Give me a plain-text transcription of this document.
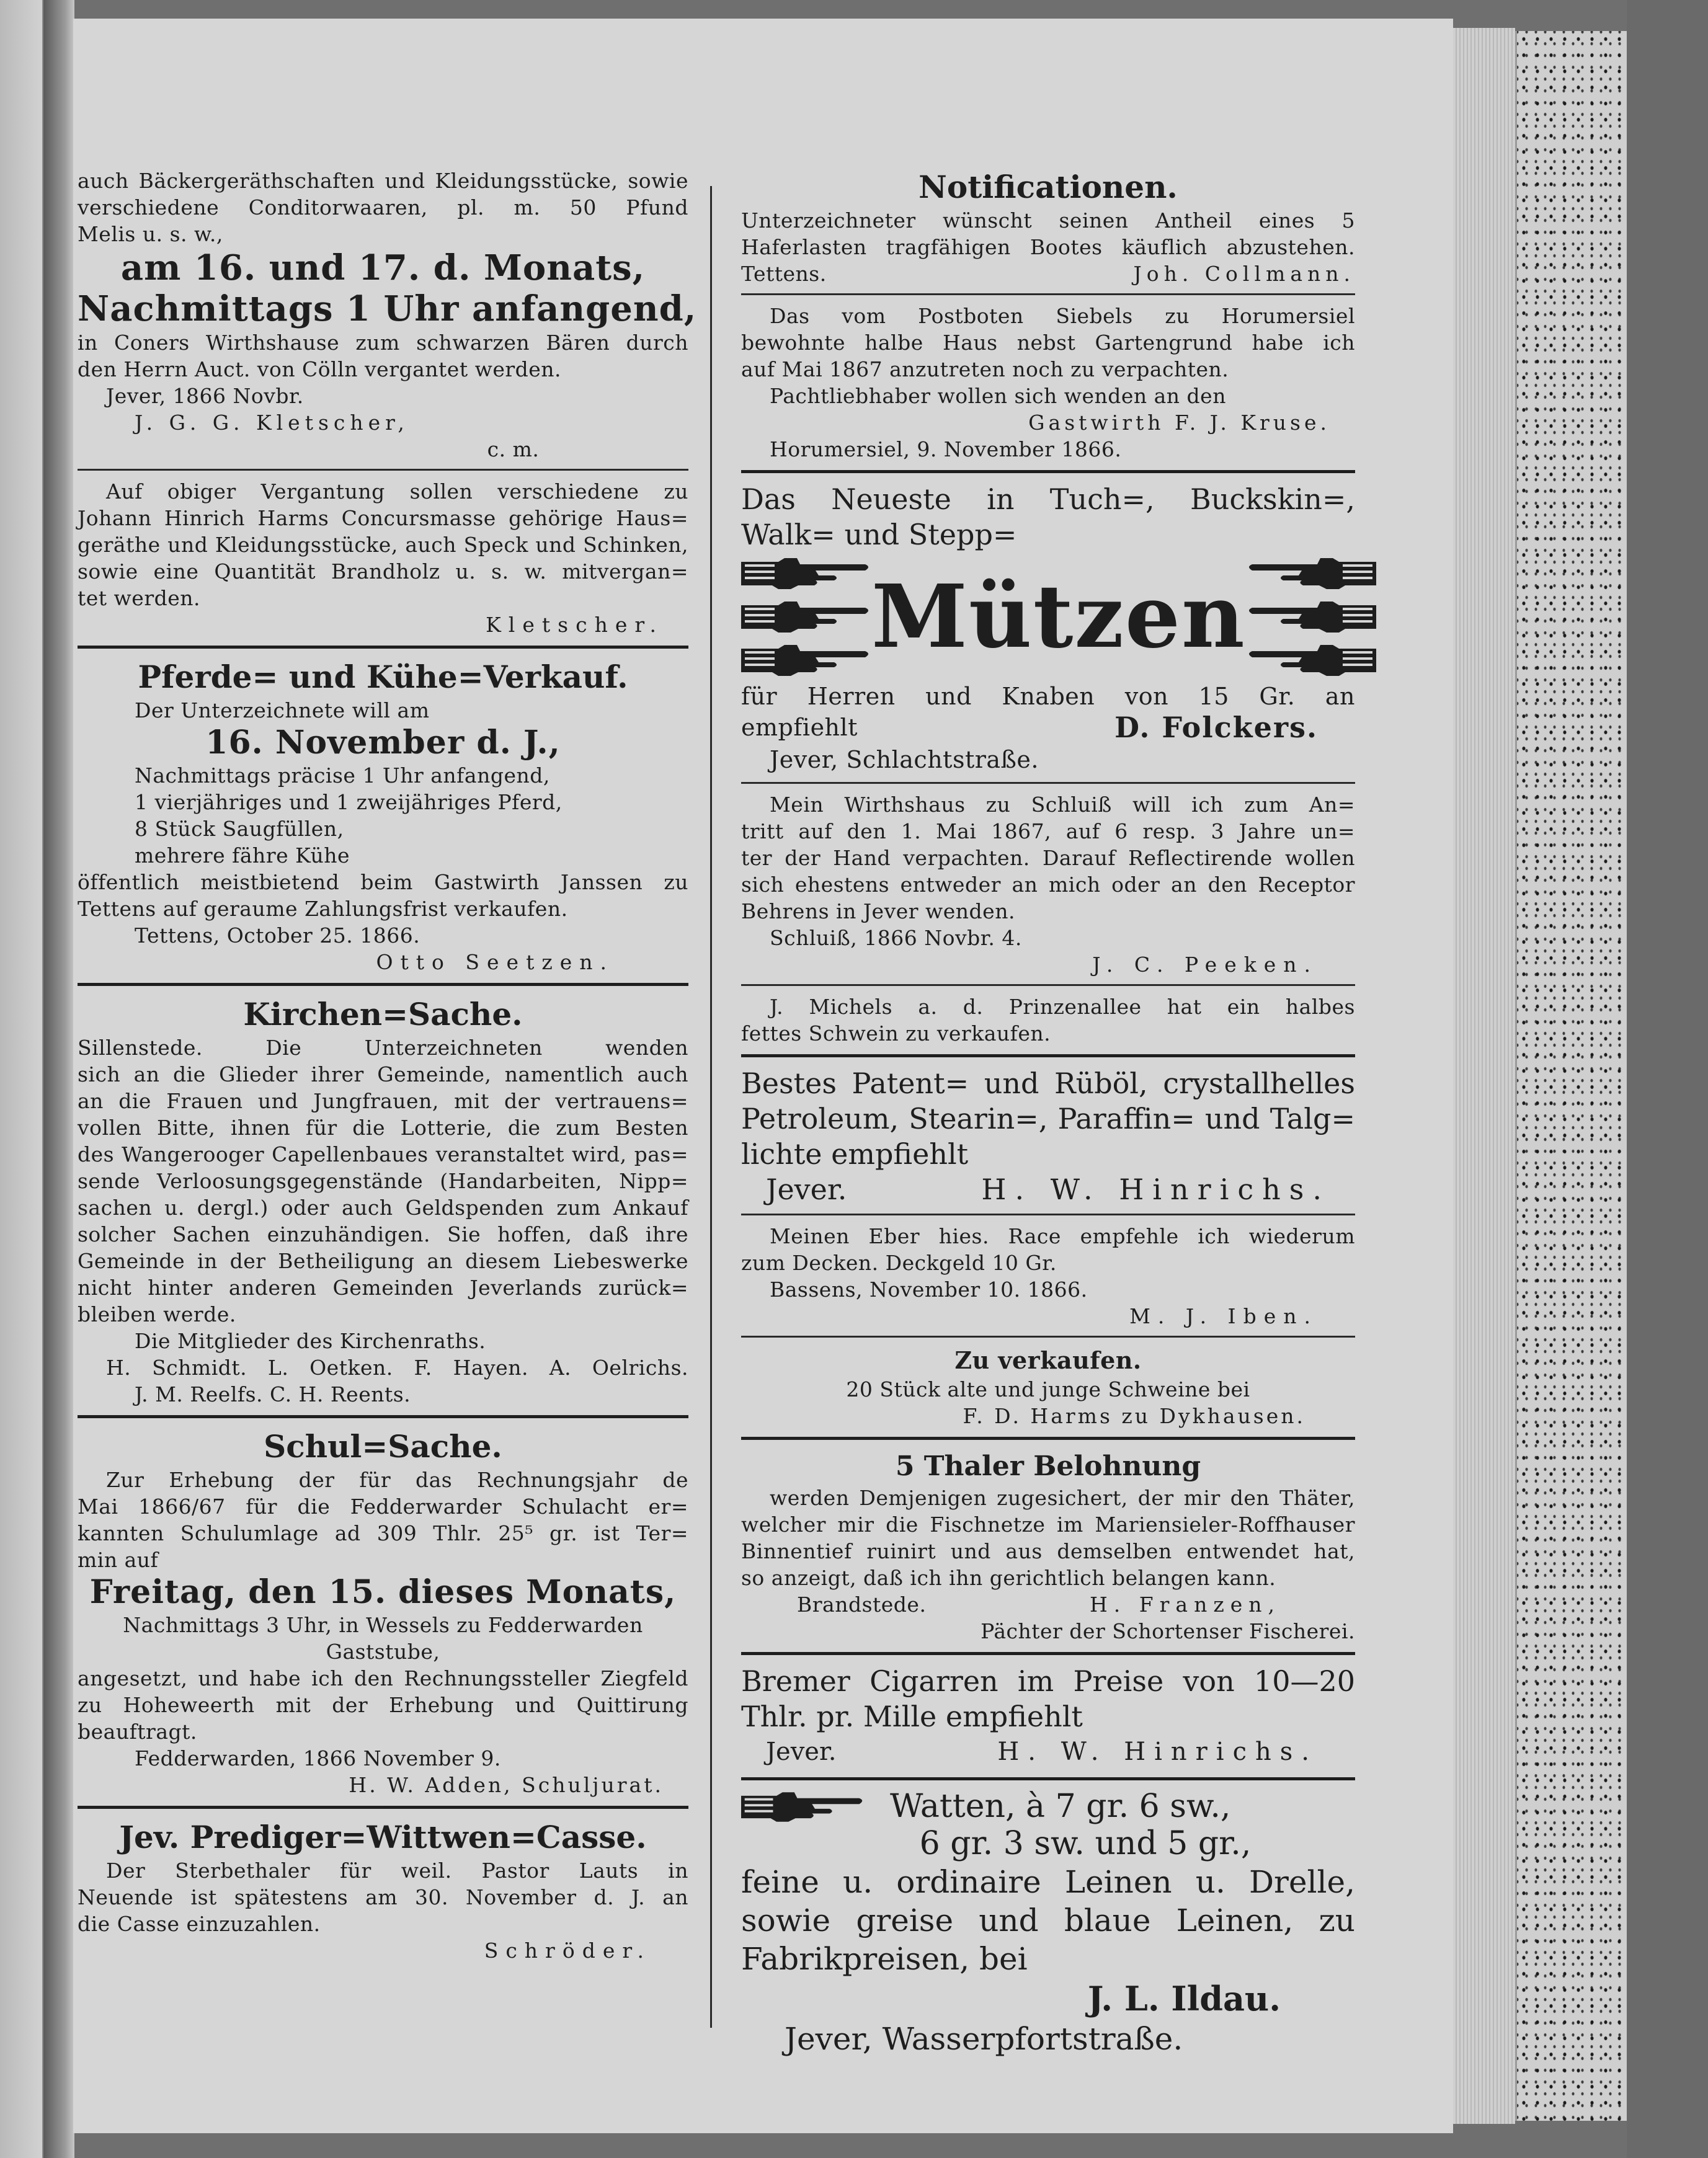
auch Bäckergeräthschaften und Kleidungsstücke, sowie
verschiedene Conditorwaaren, pl. m. 50 Pfund
Melis u. s. w.,
am 16. und 17. d. Monats,
Nachmittags 1 Uhr anfangend,
in Coners Wirthshause zum schwarzen Bären durch
den Herrn Auct. von Cölln vergantet werden.
Jever, 1866 Novbr.
J. G. G. Kletscher,
c. m.
Auf obiger Vergantung sollen verschiedene zu
Johann Hinrich Harms Concursmasse gehörige Haus=
geräthe und Kleidungsstücke, auch Speck und Schinken,
sowie eine Quantität Brandholz u. s. w. mitvergan=
tet werden.
Kletscher.
Pferde= und Kühe=Verkauf.
Der Unterzeichnete will am
16. November d. J.,
Nachmittags präcise 1 Uhr anfangend,
1 vierjähriges und 1 zweijähriges Pferd,
8 Stück Saugfüllen,
mehrere fähre Kühe
öffentlich meistbietend beim Gastwirth Janssen zu
Tettens auf geraume Zahlungsfrist verkaufen.
Tettens, October 25. 1866.
Otto Seetzen.
Kirchen=Sache.
Sillenstede. Die Unterzeichneten wenden
sich an die Glieder ihrer Gemeinde, namentlich auch
an die Frauen und Jungfrauen, mit der vertrauens=
vollen Bitte, ihnen für die Lotterie, die zum Besten
des Wangerooger Capellenbaues veranstaltet wird, pas=
sende Verloosungsgegenstände (Handarbeiten, Nipp=
sachen u. dergl.) oder auch Geldspenden zum Ankauf
solcher Sachen einzuhändigen. Sie hoffen, daß ihre
Gemeinde in der Betheiligung an diesem Liebeswerke
nicht hinter anderen Gemeinden Jeverlands zurück=
bleiben werde.
Die Mitglieder des Kirchenraths.
H. Schmidt. L. Oetken. F. Hayen. A. Oelrichs.
J. M. Reelfs. C. H. Reents.
Schul=Sache.
Zur Erhebung der für das Rechnungsjahr de
Mai 1866/67 für die Fedderwarder Schulacht er=
kannten Schulumlage ad 309 Thlr. 25⁵ gr. ist Ter=
min auf
Freitag, den 15. dieses Monats,
Nachmittags 3 Uhr, in Wessels zu Fedderwarden
Gaststube,
angesetzt, und habe ich den Rechnungssteller Ziegfeld
zu Hoheweerth mit der Erhebung und Quittirung
beauftragt.
Fedderwarden, 1866 November 9.
H. W. Adden, Schuljurat.
Jev. Prediger=Wittwen=Casse.
Der Sterbethaler für weil. Pastor Lauts in
Neuende ist spätestens am 30. November d. J. an
die Casse einzuzahlen.
Schröder.
Notificationen.
Unterzeichneter wünscht seinen Antheil eines 5
Haferlasten tragfähigen Bootes käuflich abzustehen.
Tettens.	Joh. Collmann.
Das vom Postboten Siebels zu Horumersiel
bewohnte halbe Haus nebst Gartengrund habe ich
auf Mai 1867 anzutreten noch zu verpachten.
Pachtliebhaber wollen sich wenden an den
Gastwirth F. J. Kruse.
Horumersiel, 9. November 1866.
Das Neueste in Tuch=, Buckskin=,
Walk= und Stepp=
Mützen
für Herren und Knaben von 15 Gr. an
empfiehlt	D. Folckers.
Jever, Schlachtstraße.
Mein Wirthshaus zu Schluiß will ich zum An=
tritt auf den 1. Mai 1867, auf 6 resp. 3 Jahre un=
ter der Hand verpachten. Darauf Reflectirende wollen
sich ehestens entweder an mich oder an den Receptor
Behrens in Jever wenden.
Schluiß, 1866 Novbr. 4.
J. C. Peeken.
J. Michels a. d. Prinzenallee hat ein halbes
fettes Schwein zu verkaufen.
Bestes Patent= und Rüböl, crystallhelles
Petroleum, Stearin=, Paraffin= und Talg=
lichte empfiehlt
Jever.	H. W. Hinrichs.
Meinen Eber hies. Race empfehle ich wiederum
zum Decken. Deckgeld 10 Gr.
Bassens, November 10. 1866.
M. J. Iben.
Zu verkaufen.
20 Stück alte und junge Schweine bei
F. D. Harms zu Dykhausen.
5 Thaler Belohnung
werden Demjenigen zugesichert, der mir den Thäter,
welcher mir die Fischnetze im Mariensieler-Roffhauser
Binnentief ruinirt und aus demselben entwendet hat,
so anzeigt, daß ich ihn gerichtlich belangen kann.
Brandstede.	H. Franzen,
Pächter der Schortenser Fischerei.
Bremer Cigarren im Preise von 10—20
Thlr. pr. Mille empfiehlt
Jever.	H. W. Hinrichs.
Watten, à 7 gr. 6 sw.,
6 gr. 3 sw. und 5 gr.,
feine u. ordinaire Leinen u. Drelle,
sowie greise und blaue Leinen, zu
Fabrikpreisen, bei
J. L. Ildau.
Jever, Wasserpfortstraße.
